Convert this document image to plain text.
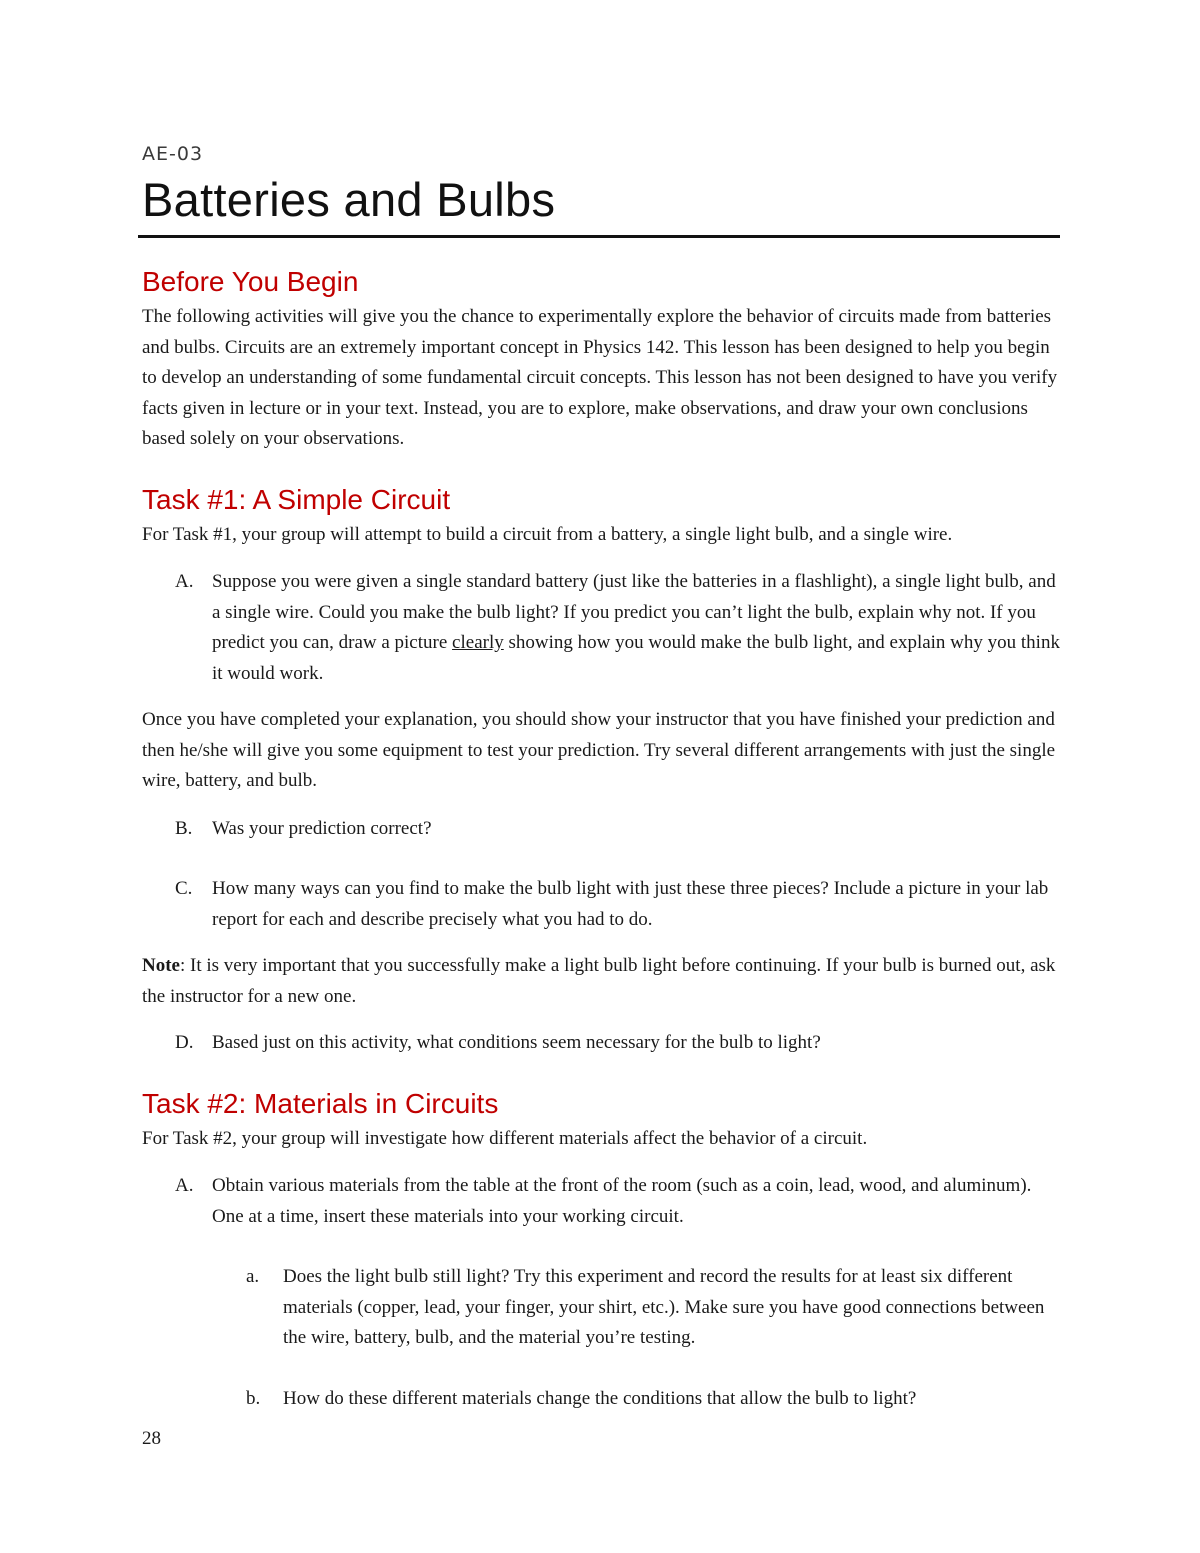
AE-03
Batteries and Bulbs
Before You Begin

The following activities will give you the chance to experimentally explore the behavior of circuits made from batteries and bulbs. Circuits are an extremely important concept in Physics 142. This lesson has been designed to help you begin to develop an understanding of some fundamental circuit concepts. This lesson has not been designed to have you verify facts given in lecture or in your text. Instead, you are to explore, make observations, and draw your own conclusions based solely on your observations.

Task #1: A Simple Circuit

For Task #1, your group will attempt to build a circuit from a battery, a single light bulb, and a single wire.

A. Suppose you were given a single standard battery (just like the batteries in a flashlight), a single light bulb, and a single wire. Could you make the bulb light? If you predict you can’t light the bulb, explain why not. If you predict you can, draw a picture clearly showing how you would make the bulb light, and explain why you think it would work.

Once you have completed your explanation, you should show your instructor that you have finished your prediction and then he/she will give you some equipment to test your prediction. Try several different arrangements with just the single wire, battery, and bulb.

B. Was your prediction correct?
C. How many ways can you find to make the bulb light with just these three pieces? Include a picture in your lab report for each and describe precisely what you had to do.

Note: It is very important that you successfully make a light bulb light before continuing. If your bulb is burned out, ask the instructor for a new one.

D. Based just on this activity, what conditions seem necessary for the bulb to light?
Task #2: Materials in Circuits

For Task #2, your group will investigate how different materials affect the behavior of a circuit.

A. Obtain various materials from the table at the front of the room (such as a coin, lead, wood, and aluminum). One at a time, insert these materials into your working circuit.
a. Does the light bulb still light? Try this experiment and record the results for at least six different materials (copper, lead, your finger, your shirt, etc.). Make sure you have good connections between the wire, battery, bulb, and the material you’re testing.
b. How do these different materials change the conditions that allow the bulb to light?
28
